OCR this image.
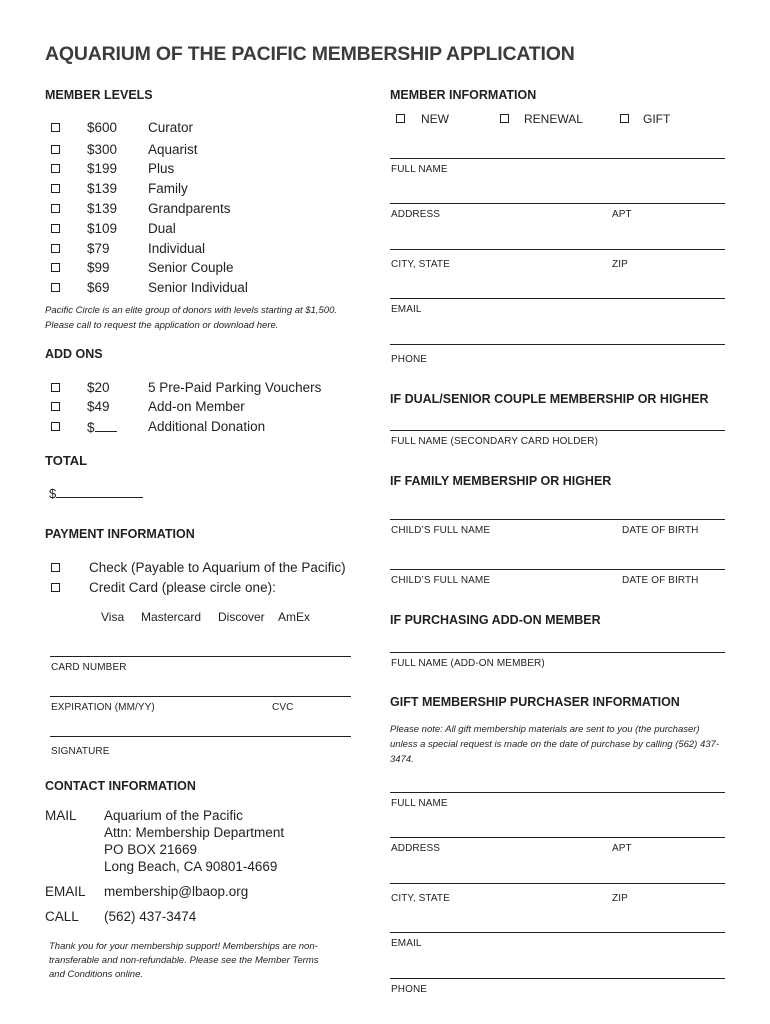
AQUARIUM OF THE PACIFIC MEMBERSHIP APPLICATION
MEMBER LEVELS
$600 Curator
$300 Aquarist
$199 Plus
$139 Family
$139 Grandparents
$109 Dual
$79	Individual
$99	Senior Couple
$69	Senior Individual
Pacific Circle is an elite group of donors with levels starting at $1,500. Please call to request the application or download here.
ADD ONS
$20	5 Pre-Paid Parking Vouchers
$49	Add-on Member
$	Additional Donation
TOTAL
$
PAYMENT INFORMATION
Check (Payable to Aquarium of the Pacific)
Credit Card (please circle one):
Visa Mastercard Discover AmEx
CARD NUMBER
EXPIRATION (MM/YY)	CVC
SIGNATURE
CONTACT INFORMATION
MAIL Aquarium of the Pacific
Attn: Membership Department
PO BOX 21669
Long Beach, CA 90801-4669
EMAIL membership@lbaop.org
CALL (562) 437-3474
Thank you for your membership support! Memberships are non-transferable and non-refundable. Please see the Member Terms and Conditions online.
MEMBER INFORMATION
NEW	RENEWAL	GIFT
FULL NAME
ADDRESS	APT
CITY, STATE	ZIP
EMAIL
PHONE
IF DUAL/SENIOR COUPLE MEMBERSHIP OR HIGHER
FULL NAME (SECONDARY CARD HOLDER)
IF FAMILY MEMBERSHIP OR HIGHER
CHILD’S FULL NAME	DATE OF BIRTH
CHILD’S FULL NAME	DATE OF BIRTH
IF PURCHASING ADD-ON MEMBER
FULL NAME (ADD-ON MEMBER)
GIFT MEMBERSHIP PURCHASER INFORMATION
Please note: All gift membership materials are sent to you (the purchaser) unless a special request is made on the date of purchase by calling (562) 437-3474.
FULL NAME
ADDRESS	APT
CITY, STATE	ZIP
EMAIL
PHONE
